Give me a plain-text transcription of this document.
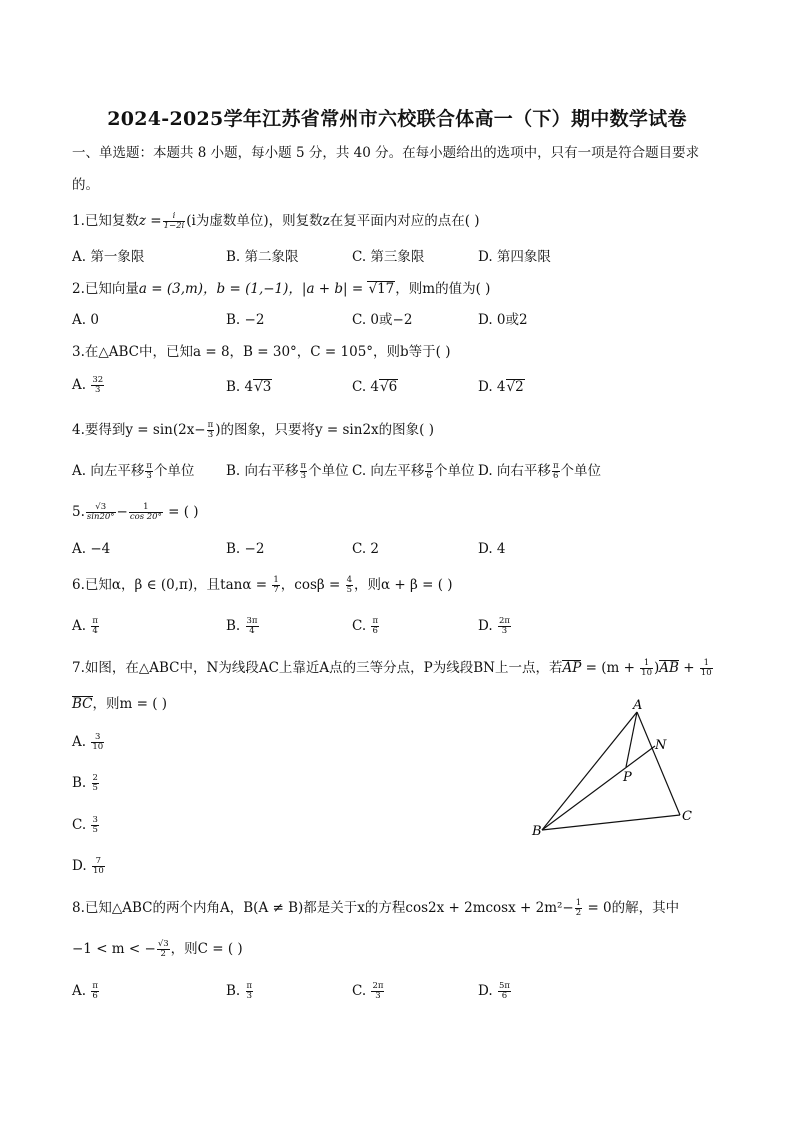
2024-2025学年江苏省常州市六校联合体高一（下）期中数学试卷
一、单选题：本题共 8 小题，每小题 5 分，共 40 分。在每小题给出的选项中，只有一项是符合题目要求
的。
1.已知复数$z = \frac{i}{1-2i} (i$为虚数单位)，则复数z在复平面内对应的点在( )
A. 第一象限	B. 第二象限	C. 第三象限	D. 第四象限
2.已知向量a = (3,m)，b = (1,−1)，|a + b| = √17，则m的值为( )
A. 0	B. −2	C. 0或−2	D. 0或2
3.在△ABC中，已知a = 8，B = 30°，C = 105°，则b等于( )
A. $\frac{32}{3}$	B. 4√3	C. 4√6	D. 4√2
4.要得到$y = \sin(2x- \frac{\pi}{3}$ )的图象，只要将y = sin2x的图象( )
A. 向左平移 $\frac{\pi}{3}$ 个单位 B. 向右平移 $\frac{\pi}{3}$ 个单位 C. 向左平移 $\frac{\pi}{6}$ 个单位 D. 向右平移 $\frac{\pi}{6}$ 个单位
5. $\frac{√3}{\sin 20^\circ} - \frac{1}{\cos 20^\circ}$ = ( )
A. −4	B. −2	C. 2	D. 4
6.已知α，β ∈ (0,π)，且$\tan\alpha = \frac{1}{7}$ ，$\cos\beta = \frac{4}{5}$ ，则α + β = ( )
A. $\frac{\pi}{4}$	B. $\frac{3\pi}{4}$	C. $\frac{\pi}{6}$	D. $\frac{2\pi}{3}$
7.如图，在△ABC中，N为线段AC上靠近A点的三等分点，P为线段BN上一点，若AP = $(m + \frac{1}{10} )AB + \frac{1}{10}$
BC，则m = ( )
A. $\frac{3}{10}$
B. $\frac{2}{5}$
C. $\frac{3}{5}$
D. $\frac{7}{10}$
A
N
P
B
C
8.已知△ABC的两个内角A，B(A ≠ B)都是关于x的方程$\cos 2x + 2mcosx + 2m^2- \frac{1}{2} = 0$的解，其中
−1 < m < − $\frac{√3}{2}$ ，则C = ( )
A. $\frac{\pi}{6}$	B. $\frac{\pi}{3}$	C. $\frac{2\pi}{3}$	D. $\frac{5\pi}{6}$
